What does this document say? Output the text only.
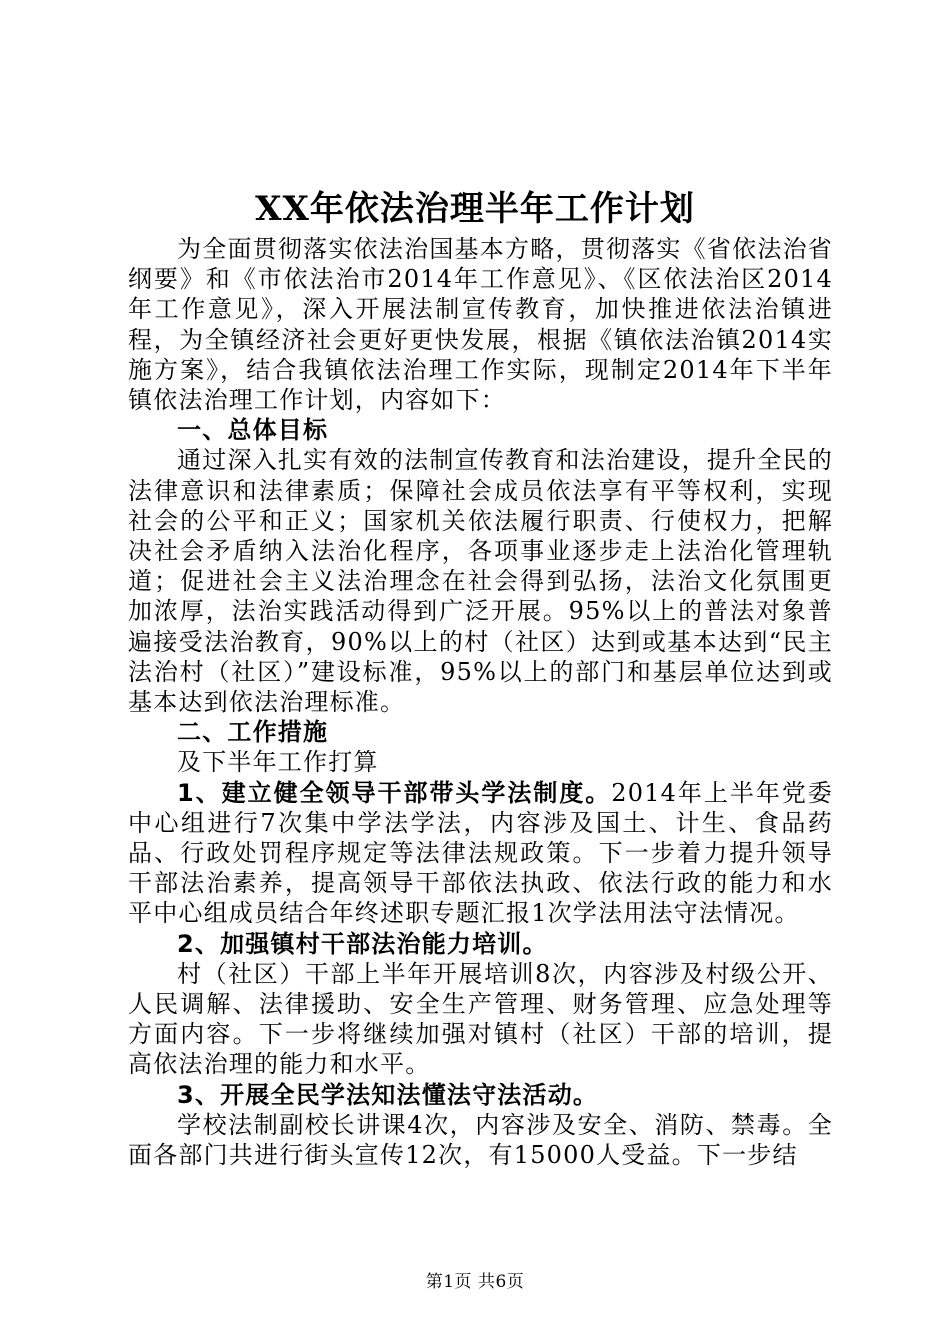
XX年依法治理半年工作计划

为全面贯彻落实依法治国基本方略，贯彻落实《省依法治省纲要》和《市依法治市2014年工作意见》、《区依法治区2014年工作意见》，深入开展法制宣传教育，加快推进依法治镇进程，为全镇经济社会更好更快发展，根据《镇依法治镇2014实施方案》，结合我镇依法治理工作实际，现制定2014年下半年镇依法治理工作计划，内容如下：

一、总体目标

通过深入扎实有效的法制宣传教育和法治建设，提升全民的法律意识和法律素质；保障社会成员依法享有平等权利，实现社会的公平和正义；国家机关依法履行职责、行使权力，把解决社会矛盾纳入法治化程序，各项事业逐步走上法治化管理轨道；促进社会主义法治理念在社会得到弘扬，法治文化氛围更加浓厚，法治实践活动得到广泛开展。95%以上的普法对象普遍接受法治教育，90%以上的村（社区）达到或基本达到“民主法治村（社区）”建设标准，95%以上的部门和基层单位达到或基本达到依法治理标准。

二、工作措施

及下半年工作打算

1、建立健全领导干部带头学法制度。2014年上半年党委中心组进行7次集中学法学法，内容涉及国土、计生、食品药品、行政处罚程序规定等法律法规政策。下一步着力提升领导干部法治素养，提高领导干部依法执政、依法行政的能力和水平中心组成员结合年终述职专题汇报1次学法用法守法情况。

2、加强镇村干部法治能力培训。

村（社区）干部上半年开展培训8次，内容涉及村级公开、人民调解、法律援助、安全生产管理、财务管理、应急处理等方面内容。下一步将继续加强对镇村（社区）干部的培训，提高依法治理的能力和水平。

3、开展全民学法知法懂法守法活动。

学校法制副校长讲课4次，内容涉及安全、消防、禁毒。全面各部门共进行街头宣传12次，有15000人受益。下一步结

第1页 共6页
